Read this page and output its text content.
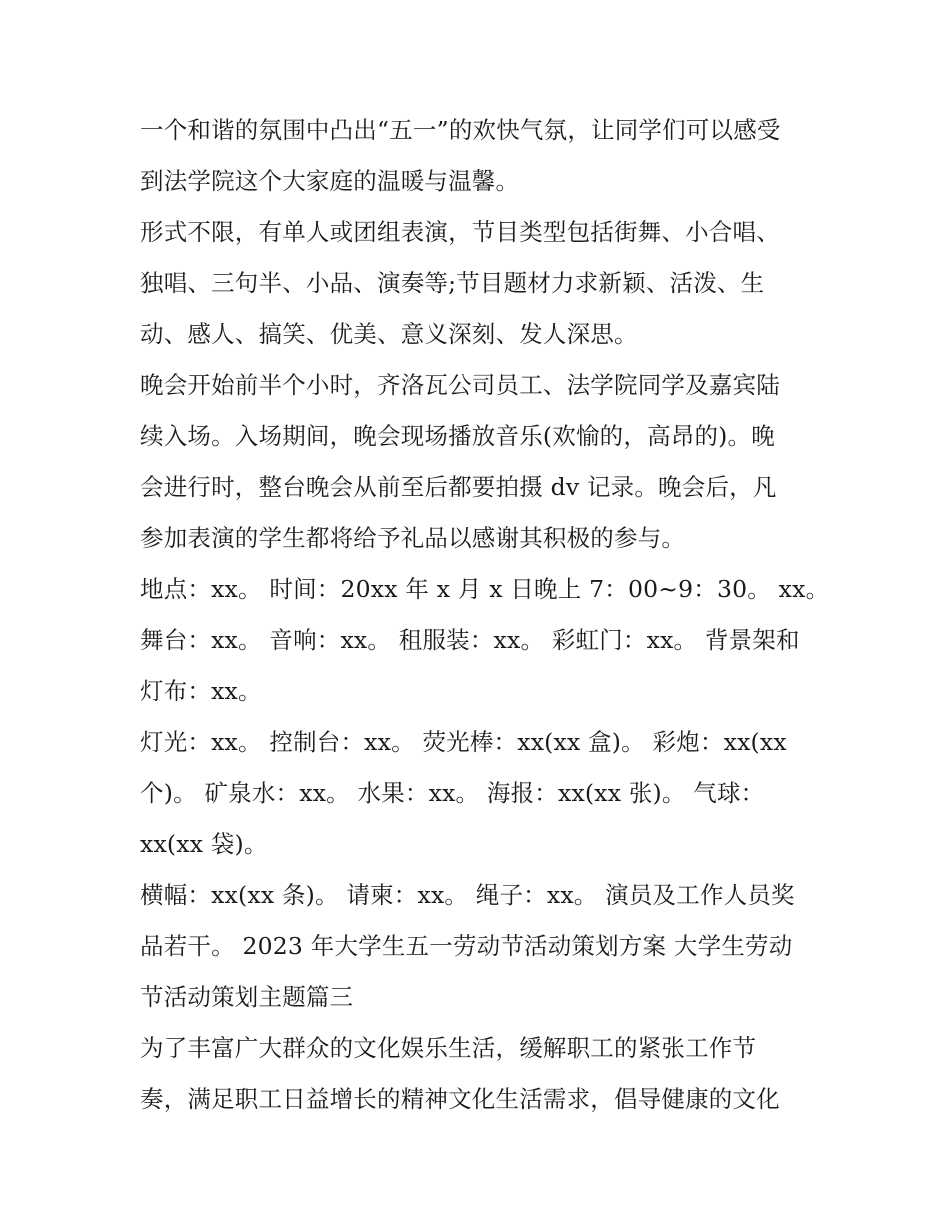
一个和谐的氛围中凸出“五一”的欢快气氛，让同学们可以感受
到法学院这个大家庭的温暖与温馨。

形式不限，有单人或团组表演，节目类型包括街舞、小合唱、
独唱、三句半、小品、演奏等;节目题材力求新颖、活泼、生
动、感人、搞笑、优美、意义深刻、发人深思。

晚会开始前半个小时，齐洛瓦公司员工、法学院同学及嘉宾陆
续入场。入场期间，晚会现场播放音乐(欢愉的，高昂的)。晚
会进行时，整台晚会从前至后都要拍摄 dv 记录。晚会后，凡
参加表演的学生都将给予礼品以感谢其积极的参与。

地点：xx。 时间：20xx 年 x 月 x 日晚上 7：00~9：30。 xx。
舞台：xx。 音响：xx。 租服装：xx。 彩虹门：xx。 背景架和
灯布：xx。

灯光：xx。 控制台：xx。 荧光棒：xx(xx 盒)。 彩炮：xx(xx
个)。 矿泉水：xx。 水果：xx。 海报：xx(xx 张)。 气球：
xx(xx 袋)。

横幅：xx(xx 条)。 请柬：xx。 绳子：xx。 演员及工作人员奖
品若干。 2023 年大学生五一劳动节活动策划方案 大学生劳动
节活动策划主题篇三

为了丰富广大群众的文化娱乐生活，缓解职工的紧张工作节
奏，满足职工日益增长的精神文化生活需求，倡导健康的文化
